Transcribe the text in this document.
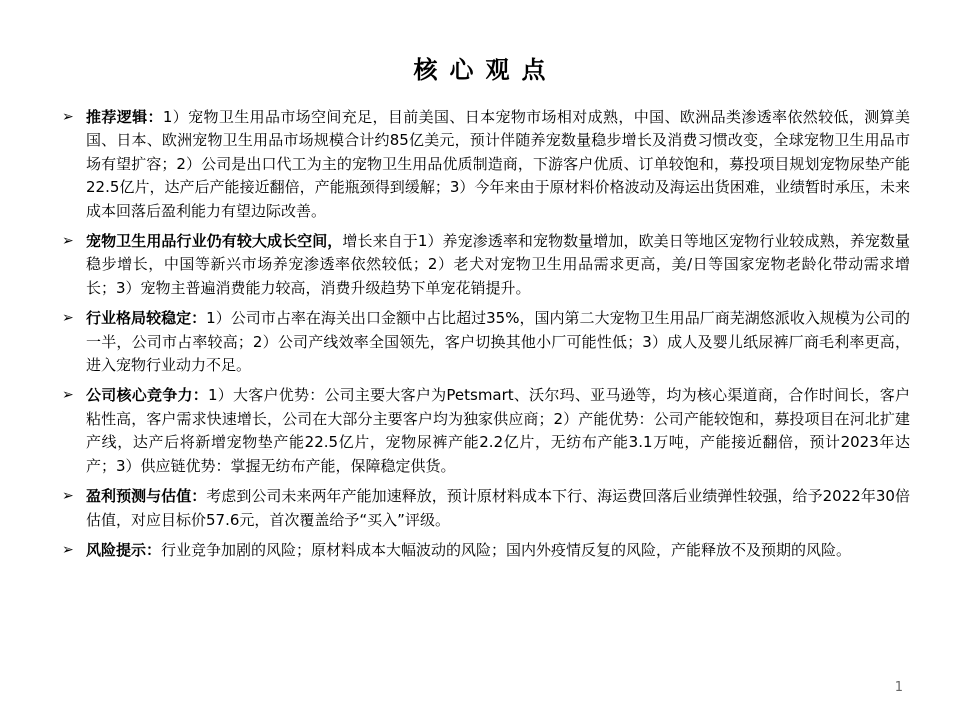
核心观点
➢ 推荐逻辑：1）宠物卫生用品市场空间充足，目前美国、日本宠物市场相对成熟，中国、欧洲品类渗透率依然较低，测算美国、日本、欧洲宠物卫生用品市场规模合计约85亿美元，预计伴随养宠数量稳步增长及消费习惯改变，全球宠物卫生用品市场有望扩容；2）公司是出口代工为主的宠物卫生用品优质制造商，下游客户优质、订单较饱和，募投项目规划宠物尿垫产能22.5亿片，达产后产能接近翻倍，产能瓶颈得到缓解；3）今年来由于原材料价格波动及海运出货困难，业绩暂时承压，未来成本回落后盈利能力有望边际改善。
➢ 宠物卫生用品行业仍有较大成长空间，增长来自于1）养宠渗透率和宠物数量增加，欧美日等地区宠物行业较成熟，养宠数量稳步增长，中国等新兴市场养宠渗透率依然较低；2）老犬对宠物卫生用品需求更高，美/日等国家宠物老龄化带动需求增长；3）宠物主普遍消费能力较高，消费升级趋势下单宠花销提升。
➢ 行业格局较稳定：1）公司市占率在海关出口金额中占比超过35%，国内第二大宠物卫生用品厂商芜湖悠派收入规模为公司的一半，公司市占率较高；2）公司产线效率全国领先，客户切换其他小厂可能性低；3）成人及婴儿纸尿裤厂商毛利率更高，进入宠物行业动力不足。
➢ 公司核心竞争力：1）大客户优势：公司主要大客户为Petsmart、沃尔玛、亚马逊等，均为核心渠道商，合作时间长，客户粘性高，客户需求快速增长，公司在大部分主要客户均为独家供应商；2）产能优势：公司产能较饱和，募投项目在河北扩建产线，达产后将新增宠物垫产能22.5亿片，宠物尿裤产能2.2亿片，无纺布产能3.1万吨，产能接近翻倍，预计2023年达产；3）供应链优势：掌握无纺布产能，保障稳定供货。
➢ 盈利预测与估值：考虑到公司未来两年产能加速释放，预计原材料成本下行、海运费回落后业绩弹性较强，给予2022年30倍估值，对应目标价57.6元，首次覆盖给予“买入”评级。
➢ 风险提示：行业竞争加剧的风险；原材料成本大幅波动的风险；国内外疫情反复的风险，产能释放不及预期的风险。
1
